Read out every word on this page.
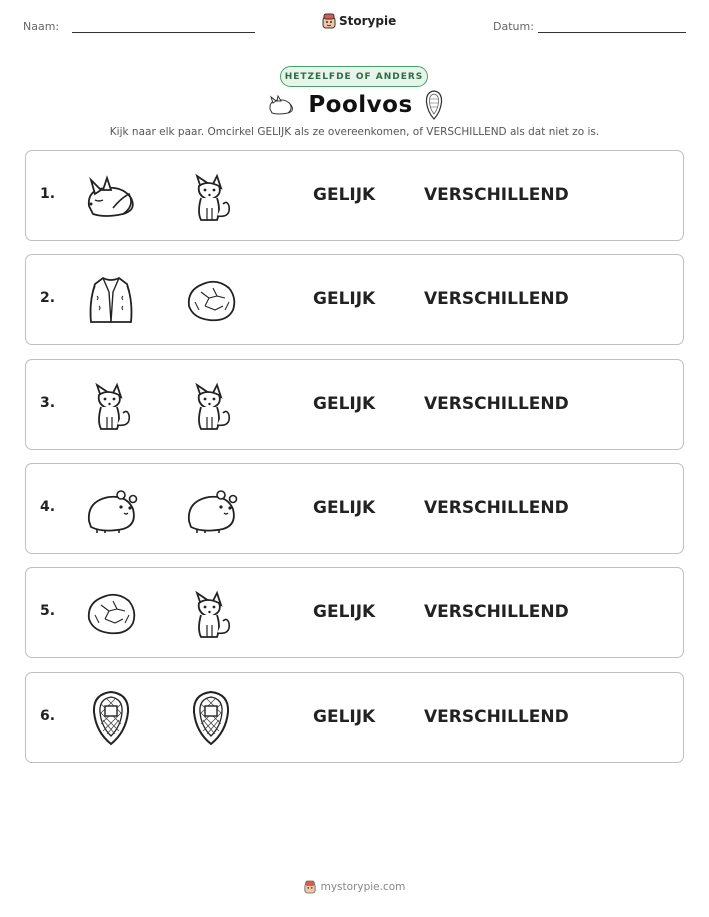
Naam:	Storypie	Datum:
HETZELFDE OF ANDERS
Poolvos
Kijk naar elk paar. Omcirkel GELIJK als ze overeenkomen, of VERSCHILLEND als dat niet zo is.
1.	GELIJK	VERSCHILLEND
2.	GELIJK	VERSCHILLEND
3.	GELIJK	VERSCHILLEND
4.	GELIJK	VERSCHILLEND
5.	GELIJK	VERSCHILLEND
6.	GELIJK	VERSCHILLEND
mystorypie.com
